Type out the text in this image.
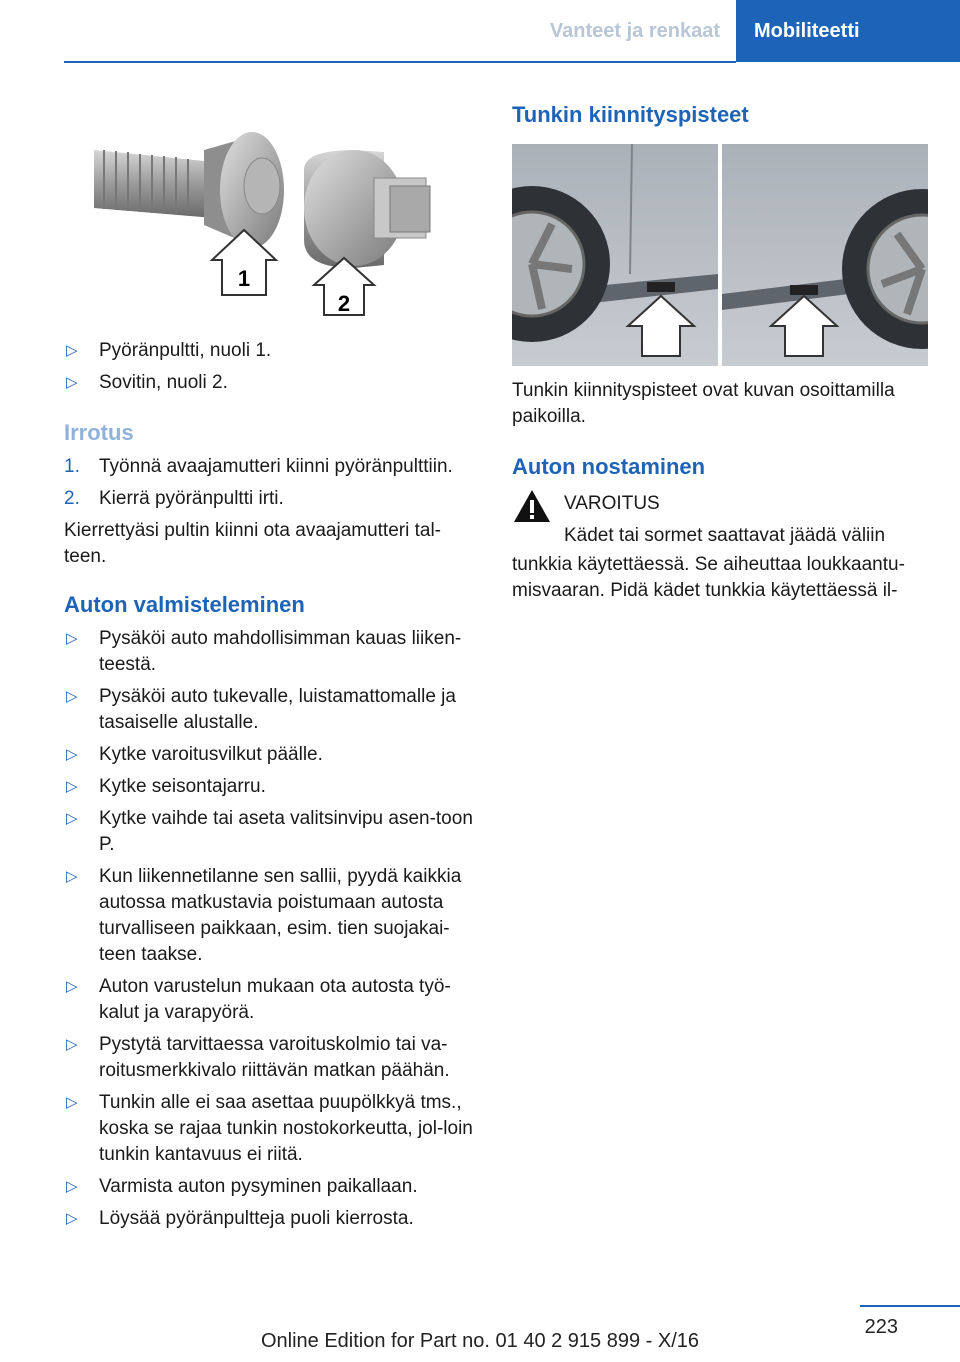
Vanteet ja renkaat	Mobiliteetti
1
2
▷ Pyöränpultti, nuoli 1.
▷ Sovitin, nuoli 2.
Irrotus
1. Työnnä avaajamutteri kiinni pyöränpulttiin.
2. Kierrä pyöränpultti irti.

Kierrettyäsi pultin kiinni ota avaajamutteri tal-teen.

Auton valmisteleminen
▷ Pysäköi auto mahdollisimman kauas liiken-teestä.
▷ Pysäköi auto tukevalle, luistamattomalle ja tasaiselle alustalle.
▷ Kytke varoitusvilkut päälle.
▷ Kytke seisontajarru.
▷ Kytke vaihde tai aseta valitsinvipu asen-toon P.
▷ Kun liikennetilanne sen sallii, pyydä kaikkia autossa matkustavia poistumaan autosta turvalliseen paikkaan, esim. tien suojakai-teen taakse.
▷ Auton varustelun mukaan ota autosta työ-kalut ja varapyörä.
▷ Pystytä tarvittaessa varoituskolmio tai va-roitusmerkkivalo riittävän matkan päähän.
▷ Tunkin alle ei saa asettaa puupölkkyä tms., koska se rajaa tunkin nostokorkeutta, jol-loin tunkin kantavuus ei riitä.
▷ Varmista auton pysyminen paikallaan.
▷ Löysää pyöränpultteja puoli kierrosta.
Tunkin kiinnityspisteet

Tunkin kiinnityspisteet ovat kuvan osoittamilla paikoilla.

Auton nostaminen
VAROITUS
Kädet tai sormet saattavat jäädä väliin

tunkkia käytettäessä. Se aiheuttaa loukkaantu-misvaaran. Pidä kädet tunkkia käytettäessä il-

223
Online Edition for Part no. 01 40 2 915 899 - X/16
